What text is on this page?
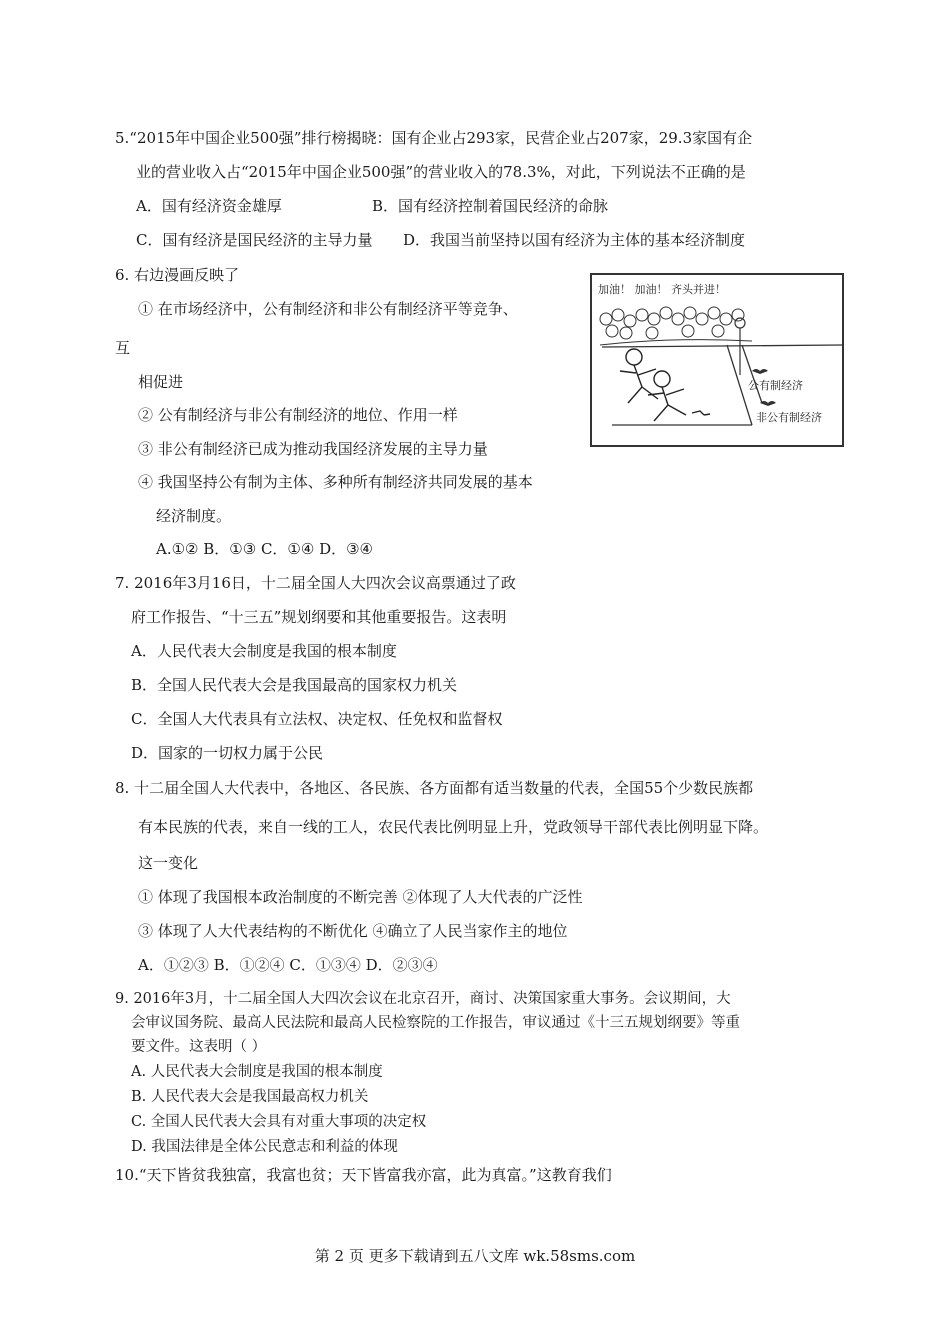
5.“2015年中国企业500强”排行榜揭晓：国有企业占293家，民营企业占207家，29.3家国有企
业的营业收入占“2015年中国企业500强”的营业收入的78.3%，对此，下列说法不正确的是
A．国有经济资金雄厚	B．国有经济控制着国民经济的命脉
C．国有经济是国民经济的主导力量 D．我国当前坚持以国有经济为主体的基本经济制度
6. 右边漫画反映了
① 在市场经济中，公有制经济和非公有制经济平等竞争、
互
相促进
② 公有制经济与非公有制经济的地位、作用一样
③ 非公有制经济已成为推动我国经济发展的主导力量
④ 我国坚持公有制为主体、多种所有制经济共同发展的基本
经济制度。
A.①② B．①③ C．①④ D．③④
加油！ 加油！ 齐头并进！
公有制经济
非公有制经济
7. 2016年3月16日，十二届全国人大四次会议高票通过了政
府工作报告、“十三五”规划纲要和其他重要报告。这表明
A．人民代表大会制度是我国的根本制度
B．全国人民代表大会是我国最高的国家权力机关
C．全国人大代表具有立法权、决定权、任免权和监督权
D．国家的一切权力属于公民
8. 十二届全国人大代表中，各地区、各民族、各方面都有适当数量的代表，全国55个少数民族都
有本民族的代表，来自一线的工人，农民代表比例明显上升，党政领导干部代表比例明显下降。
这一变化
① 体现了我国根本政治制度的不断完善 ②体现了人大代表的广泛性
③ 体现了人大代表结构的不断优化 ④确立了人民当家作主的地位
A．①②③ B．①②④ C．①③④ D．②③④
9. 2016年3月，十二届全国人大四次会议在北京召开，商讨、决策国家重大事务。会议期间，大
会审议国务院、最高人民法院和最高人民检察院的工作报告，审议通过《十三五规划纲要》等重
要文件。这表明（ ）
A. 人民代表大会制度是我国的根本制度
B. 人民代表大会是我国最高权力机关
C. 全国人民代表大会具有对重大事项的决定权
D. 我国法律是全体公民意志和利益的体现
10.“天下皆贫我独富，我富也贫；天下皆富我亦富，此为真富。”这教育我们
第 2 页 更多下载请到五八文库 wk.58sms.com
